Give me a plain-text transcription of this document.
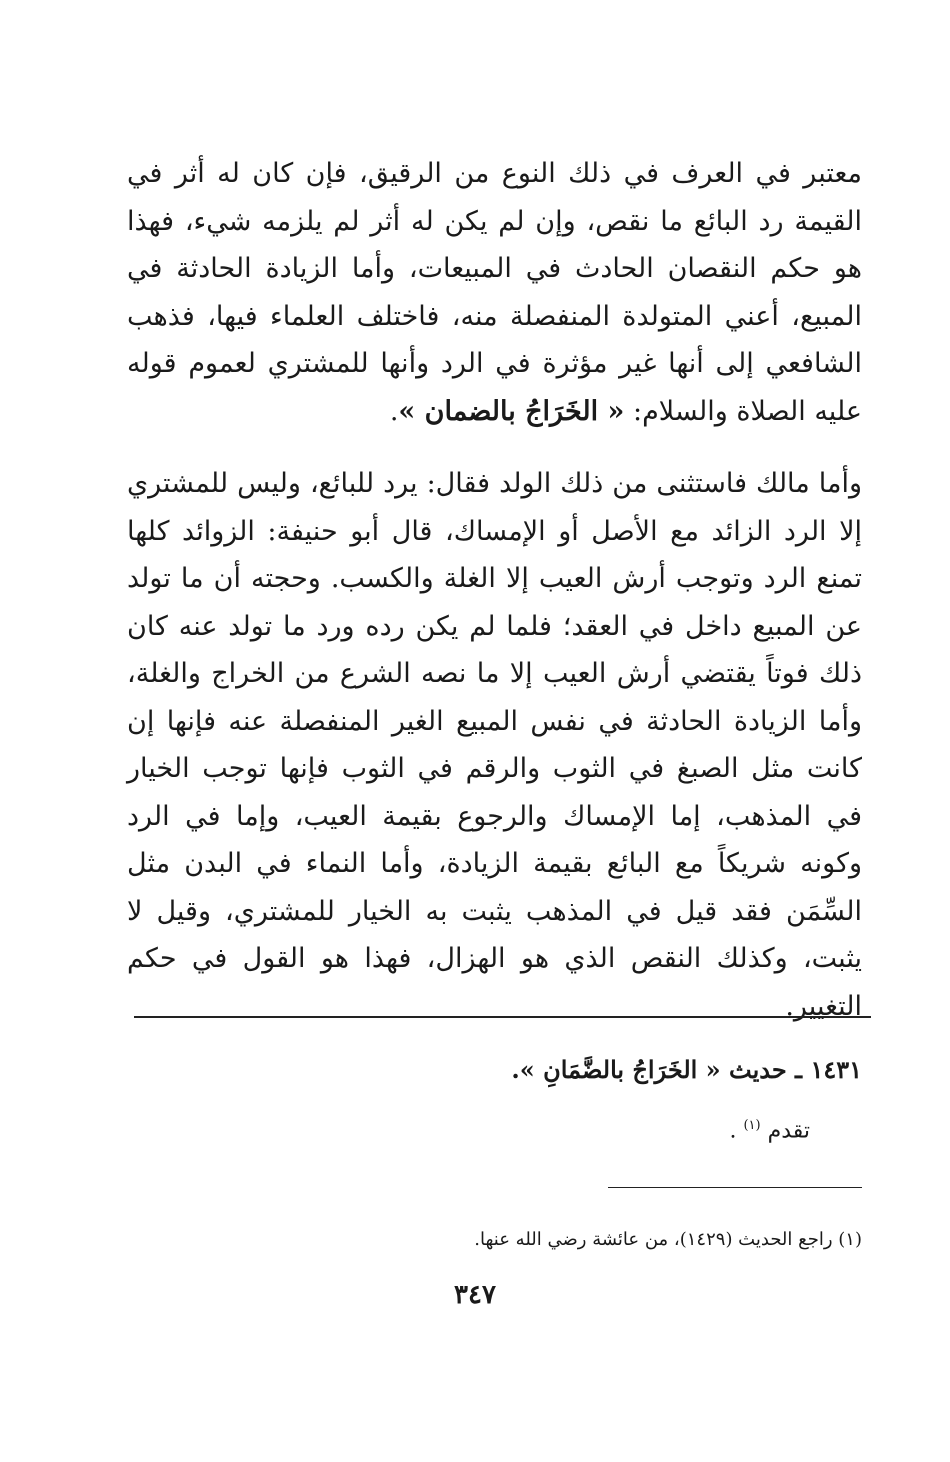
معتبر في العرف في ذلك النوع من الرقيق، فإن كان له أثر في القيمة رد البائع ما نقص، وإن لم يكن له أثر لم يلزمه شيء، فهذا هو حكم النقصان الحادث في المبيعات، وأما الزيادة الحادثة في المبيع، أعني المتولدة المنفصلة منه، فاختلف العلماء فيها، فذهب الشافعي إلى أنها غير مؤثرة في الرد وأنها للمشتري لعموم قوله عليه الصلاة والسلام: « الخَرَاجُ بالضمان ».

وأما مالك فاستثنى من ذلك الولد فقال: يرد للبائع، وليس للمشتري إلا الرد الزائد مع الأصل أو الإمساك، قال أبو حنيفة: الزوائد كلها تمنع الرد وتوجب أرش العيب إلا الغلة والكسب. وحجته أن ما تولد عن المبيع داخل في العقد؛ فلما لم يكن رده ورد ما تولد عنه كان ذلك فوتاً يقتضي أرش العيب إلا ما نصه الشرع من الخراج والغلة، وأما الزيادة الحادثة في نفس المبيع الغير المنفصلة عنه فإنها إن كانت مثل الصبغ في الثوب والرقم في الثوب فإنها توجب الخيار في المذهب، إما الإمساك والرجوع بقيمة العيب، وإما في الرد وكونه شريكاً مع البائع بقيمة الزيادة، وأما النماء في البدن مثل السِّمَن فقد قيل في المذهب يثبت به الخيار للمشتري، وقيل لا يثبت، وكذلك النقص الذي هو الهزال، فهذا هو القول في حكم التغيير.

١٤٣١ ـ حديث « الخَرَاجُ بالضَّمَانِ ».
تقدم $^{(١)}$ .
(١) راجع الحديث (١٤٢٩)، من عائشة رضي الله عنها.
٣٤٧
